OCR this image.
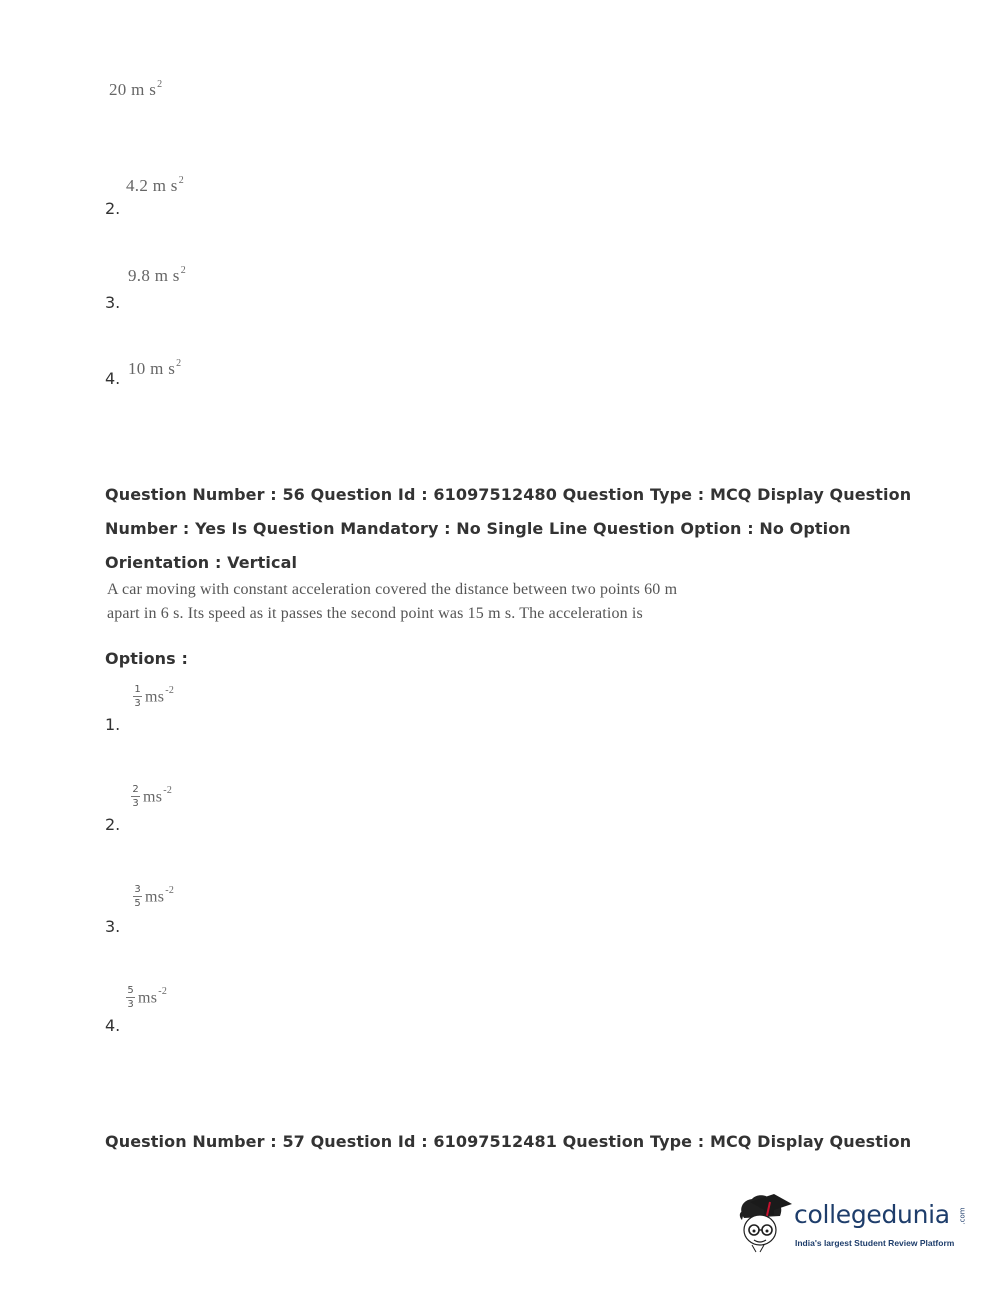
20 m $s^2$
4.2 m $s^2$
2.
9.8 m $s^2$
3.
10 m $s^2$
4.
Question Number : 56 Question Id : 61097512480 Question Type : MCQ Display Question
Number : Yes Is Question Mandatory : No Single Line Question Option : No Option
Orientation : Vertical
A car moving with constant acceleration covered the distance between two points 60 m
apart in 6 s. Its speed as it passes the second point was 15 m s. The acceleration is
Options :
$\frac{1}{3} ms^{-2}$
1.
$\frac{2}{3} ms^{-2}$
2.
$\frac{3}{5} ms^{-2}$
3.
$\frac{5}{3} ms^{-2}$
4.
Question Number : 57 Question Id : 61097512481 Question Type : MCQ Display Question
collegedunia .com
India's largest Student Review Platform
